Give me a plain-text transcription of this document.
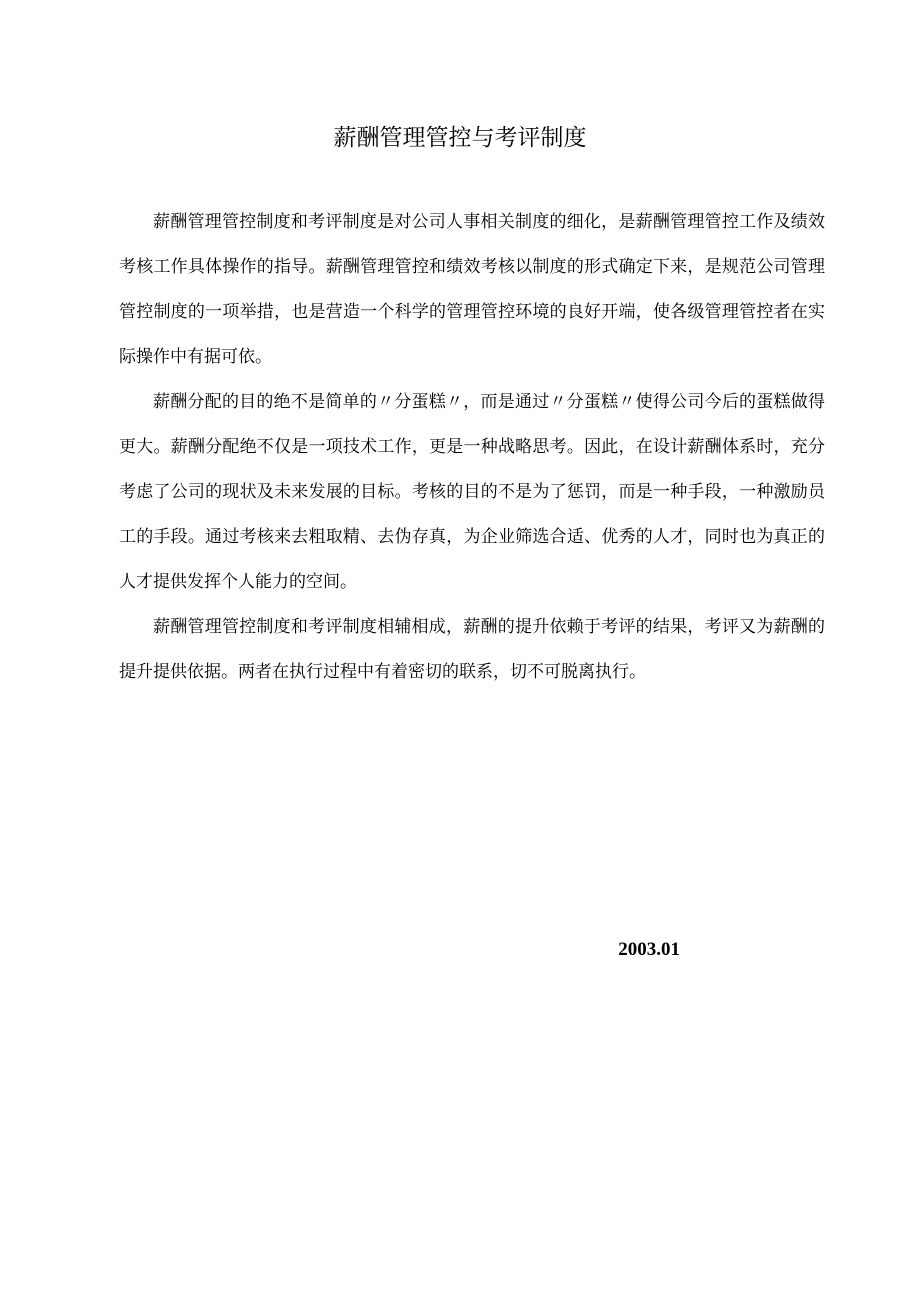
薪酬管理管控与考评制度

薪酬管理管控制度和考评制度是对公司人事相关制度的细化，是薪酬管理管控工作及绩效考核工作具体操作的指导。薪酬管理管控和绩效考核以制度的形式确定下来，是规范公司管理管控制度的一项举措，也是营造一个科学的管理管控环境的良好开端，使各级管理管控者在实际操作中有据可依。

薪酬分配的目的绝不是简单的〃分蛋糕〃，而是通过〃分蛋糕〃使得公司今后的蛋糕做得更大。薪酬分配绝不仅是一项技术工作，更是一种战略思考。因此，在设计薪酬体系时，充分考虑了公司的现状及未来发展的目标。考核的目的不是为了惩罚，而是一种手段，一种激励员工的手段。通过考核来去粗取精、去伪存真，为企业筛选合适、优秀的人才，同时也为真正的人才提供发挥个人能力的空间。

薪酬管理管控制度和考评制度相辅相成，薪酬的提升依赖于考评的结果，考评又为薪酬的提升提供依据。两者在执行过程中有着密切的联系，切不可脱离执行。

2003.01
